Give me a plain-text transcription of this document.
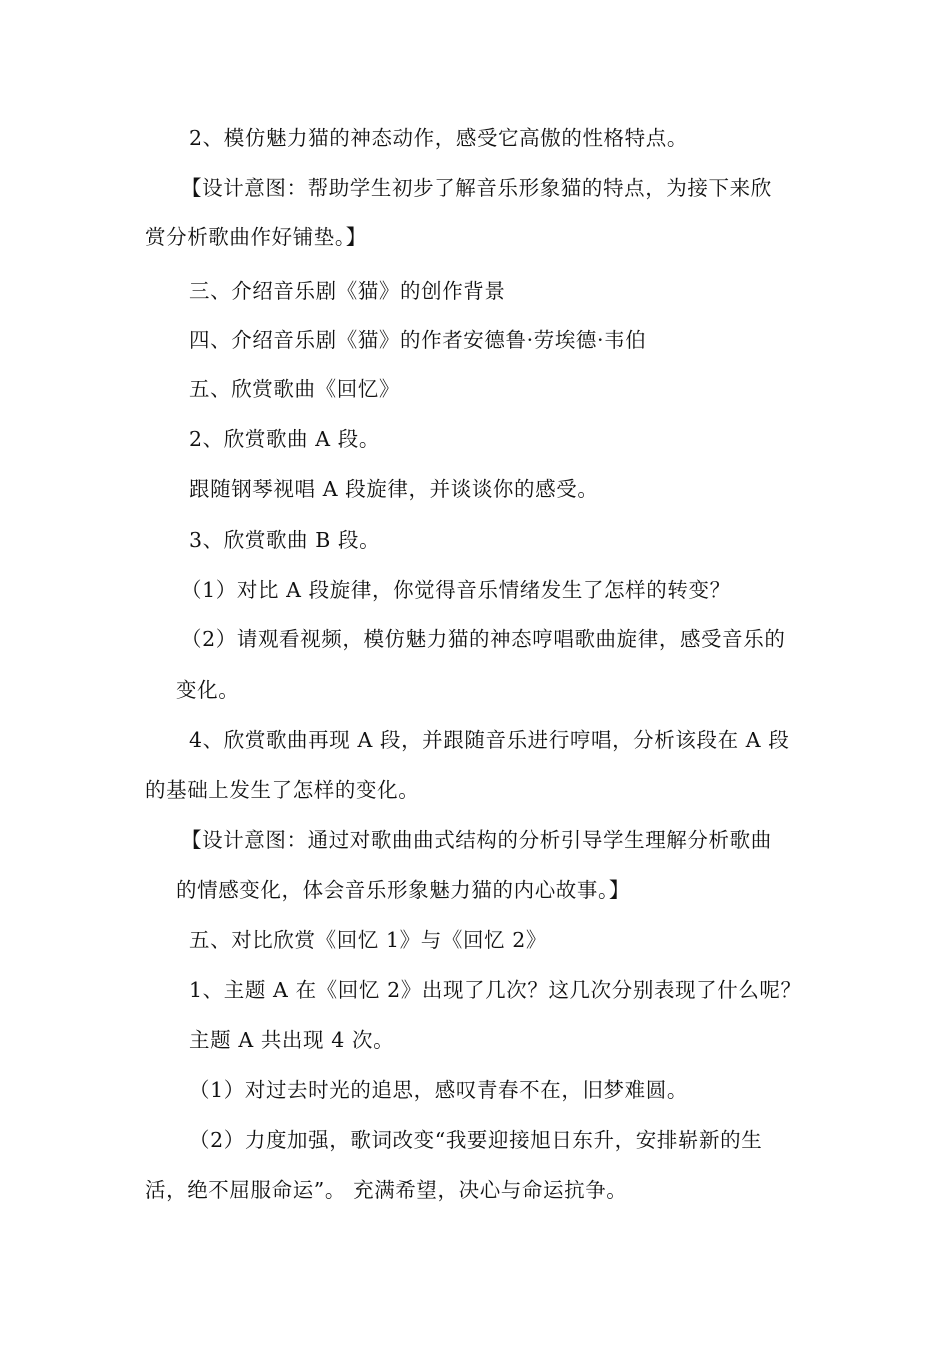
2、模仿魅力猫的神态动作，感受它高傲的性格特点。
【设计意图：帮助学生初步了解音乐形象猫的特点，为接下来欣
赏分析歌曲作好铺垫。】
三、介绍音乐剧《猫》的创作背景
四、介绍音乐剧《猫》的作者安德鲁·劳埃德·韦伯
五、欣赏歌曲《回忆》
2、欣赏歌曲 A 段。
跟随钢琴视唱 A 段旋律，并谈谈你的感受。
3、欣赏歌曲 B 段。
（1）对比 A 段旋律，你觉得音乐情绪发生了怎样的转变？
（2）请观看视频，模仿魅力猫的神态哼唱歌曲旋律，感受音乐的
变化。
4、欣赏歌曲再现 A 段，并跟随音乐进行哼唱，分析该段在 A 段
的基础上发生了怎样的变化。
【设计意图：通过对歌曲曲式结构的分析引导学生理解分析歌曲
的情感变化，体会音乐形象魅力猫的内心故事。】
五、对比欣赏《回忆 1》与《回忆 2》
1、主题 A 在《回忆 2》出现了几次？这几次分别表现了什么呢？
主题 A 共出现 4 次。
（1）对过去时光的追思，感叹青春不在，旧梦难圆。
（2）力度加强，歌词改变“我要迎接旭日东升，安排崭新的生
活，绝不屈服命运”。 充满希望，决心与命运抗争。
